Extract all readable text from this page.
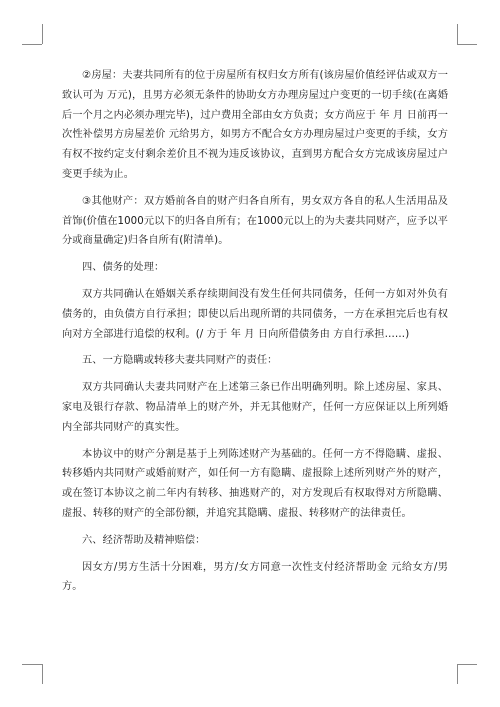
②房屋：夫妻共同所有的位于房屋所有权归女方所有(该房屋价值经评估或双方一致认可为 万元)，且男方必须无条件的协助女方办理房屋过户变更的一切手续(在离婚后一个月之内必须办理完毕)，过户费用全部由女方负责；女方尚应于 年 月 日前再一次性补偿男方房屋差价 元给男方，如男方不配合女方办理房屋过户变更的手续，女方有权不按约定支付剩余差价且不视为违反该协议，直到男方配合女方完成该房屋过户变更手续为止。

③其他财产：双方婚前各自的财产归各自所有，男女双方各自的私人生活用品及首饰(价值在1000元以下的归各自所有；在1000元以上的为夫妻共同财产，应予以平分或商量确定)归各自所有(附清单)。

四、债务的处理：

双方共同确认在婚姻关系存续期间没有发生任何共同债务，任何一方如对外负有债务的，由负债方自行承担；即使以后出现所谓的共同债务，一方在承担完后也有权向对方全部进行追偿的权利。(/ 方于 年 月 日向所借债务由 方自行承担……)

五、一方隐瞒或转移夫妻共同财产的责任：

双方共同确认夫妻共同财产在上述第三条已作出明确列明。除上述房屋、家具、家电及银行存款、物品清单上的财产外，并无其他财产，任何一方应保证以上所列婚内全部共同财产的真实性。

本协议中的财产分割是基于上列陈述财产为基础的。任何一方不得隐瞒、虚报、转移婚内共同财产或婚前财产，如任何一方有隐瞒、虚报除上述所列财产外的财产，或在签订本协议之前二年内有转移、抽逃财产的，对方发现后有权取得对方所隐瞒、虚报、转移的财产的全部份额，并追究其隐瞒、虚报、转移财产的法律责任。

六、经济帮助及精神赔偿：

因女方/男方生活十分困难，男方/女方同意一次性支付经济帮助金 元给女方/男方。
